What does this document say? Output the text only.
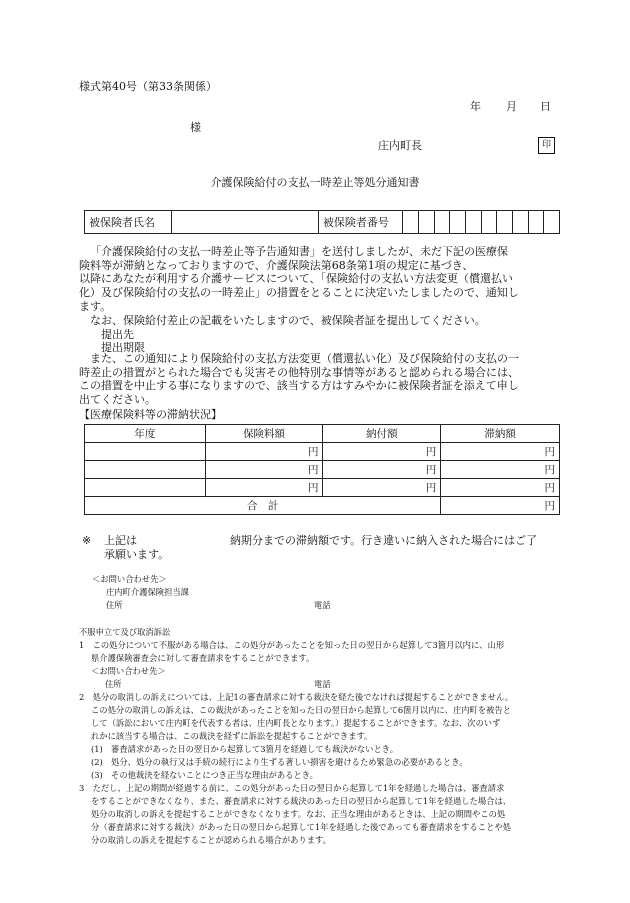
様式第40号（第33条関係）
年 月 日
様
庄内町長	印
介護保険給付の支払一時差止等処分通知書
被保険者氏名		被保険者番号										

「介護保険給付の支払一時差止等予告通知書」を送付しましたが、未だ下記の医療保

険料等が滞納となっておりますので、介護保険法第68条第1項の規定に基づき、

以降にあなたが利用する介護サービスについて、「保険給付の支払い方法変更（償還払い

化）及び保険給付の支払の一時差止」の措置をとることに決定いたしましたので、通知し

ます。

なお、保険給付差止の記載をいたしますので、被保険者証を提出してください。

提出先

提出期限

また、この通知により保険給付の支払方法変更（償還払い化）及び保険給付の支払の一

時差止の措置がとられた場合でも災害その他特別な事情等があると認められる場合には、

この措置を中止する事になりますので、該当する方はすみやかに被保険者証を添えて申し

出てください。

【医療保険料等の滞納状況】
年度	保険料額	納付額	滞納額
	円	円	円
	円	円	円
	円	円	円
合　計			円
※ 上記は	納期分までの滞納額です。行き違いに納入された場合にはご了
承願います。
＜お問い合わせ先＞
庄内町介護保険担当課
住所	電話

不服申立て及び取消訴訟

1　この処分について不服がある場合は、この処分があったことを知った日の翌日から起算して3箇月以内に、山形

県介護保険審査会に対して審査請求をすることができます。

＜お問い合わせ先＞

住所	電話

2　処分の取消しの訴えについては、上記1の審査請求に対する裁決を経た後でなければ提起することができません。

この処分の取消しの訴えは、この裁決があったことを知った日の翌日から起算して6箇月以内に、庄内町を被告と

して（訴訟において庄内町を代表する者は、庄内町長となります。）提起することができます。なお、次のいず

れかに該当する場合は、この裁決を経ずに訴訟を提起することができます。

(1)　審査請求があった日の翌日から起算して3箇月を経過しても裁決がないとき。

(2)　処分、処分の執行又は手続の続行により生ずる著しい損害を避けるため緊急の必要があるとき。

(3)　その他裁決を経ないことにつき正当な理由があるとき。

3　ただし、上記の期間が経過する前に、この処分があった日の翌日から起算して1年を経過した場合は、審査請求

をすることができなくなり、また、審査請求に対する裁決のあった日の翌日から起算して1年を経過した場合は、

処分の取消しの訴えを提起することができなくなります。なお、正当な理由があるときは、上記の期間やこの処

分（審査請求に対する裁決）があった日の翌日から起算して1年を経過した後であっても審査請求をすることや処

分の取消しの訴えを提起することが認められる場合があります。
